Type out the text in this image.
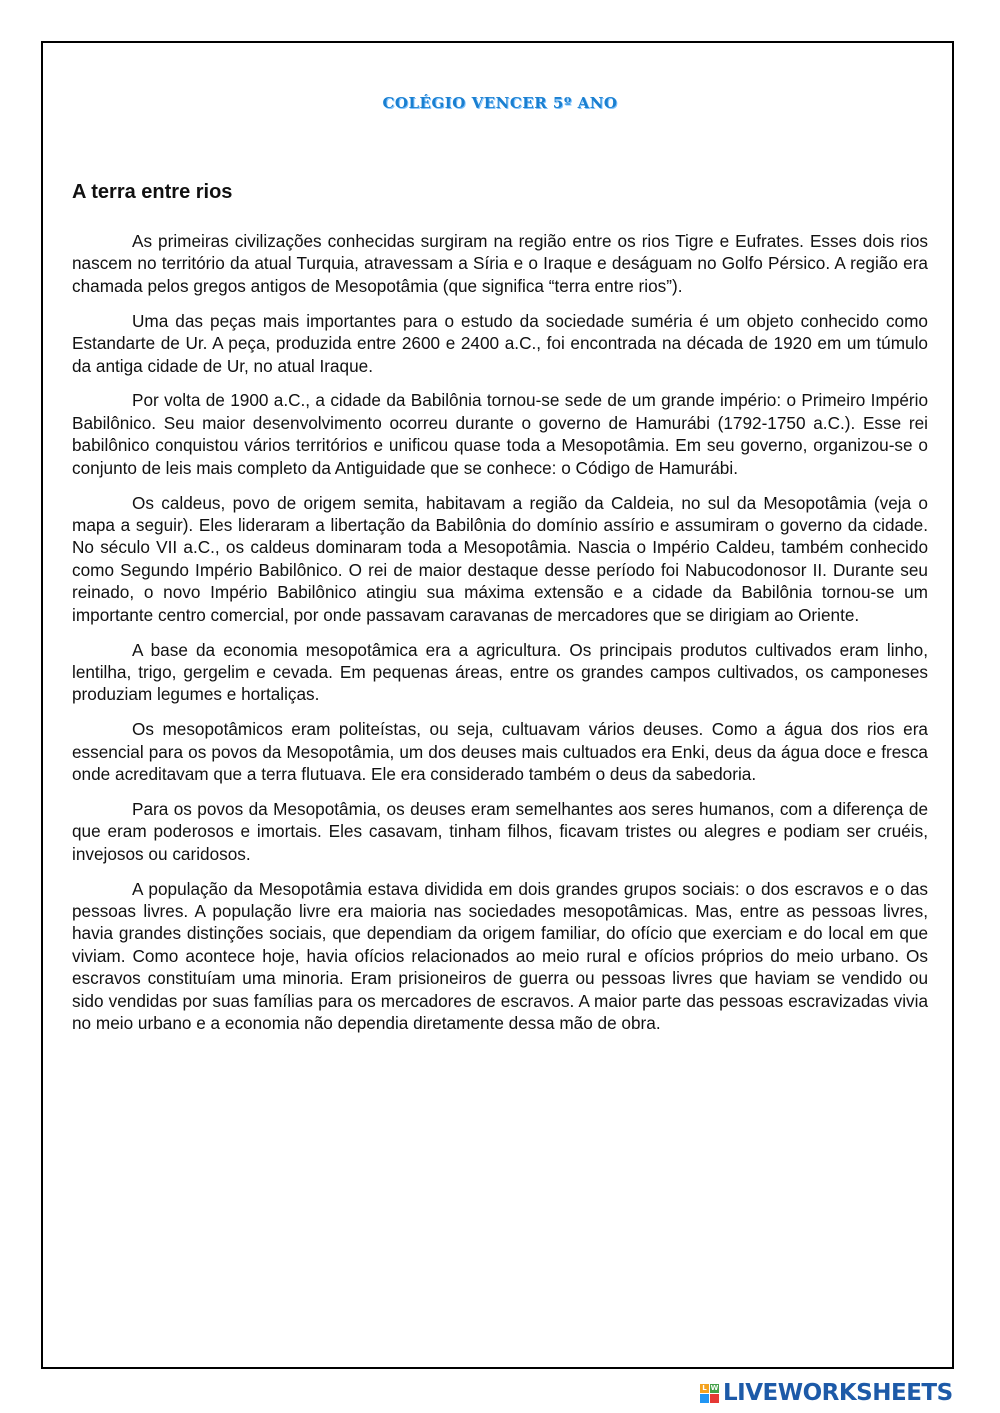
COLÉGIO VENCER 5º ANO
A terra entre rios

As primeiras civilizações conhecidas surgiram na região entre os rios Tigre e Eufrates. Esses dois rios nascem no território da atual Turquia, atravessam a Síria e o Iraque e deságuam no Golfo Pérsico. A região era chamada pelos gregos antigos de Mesopotâmia (que significa “terra entre rios”).

Uma das peças mais importantes para o estudo da sociedade suméria é um objeto conhecido como Estandarte de Ur. A peça, produzida entre 2600 e 2400 a.C., foi encontrada na década de 1920 em um túmulo da antiga cidade de Ur, no atual Iraque.

Por volta de 1900 a.C., a cidade da Babilônia tornou-se sede de um grande império: o Primeiro Império Babilônico. Seu maior desenvolvimento ocorreu durante o governo de Hamurábi (1792-1750 a.C.). Esse rei babilônico conquistou vários territórios e unificou quase toda a Mesopotâmia. Em seu governo, organizou-se o conjunto de leis mais completo da Antiguidade que se conhece: o Código de Hamurábi.

Os caldeus, povo de origem semita, habitavam a região da Caldeia, no sul da Mesopotâmia (veja o mapa a seguir). Eles lideraram a libertação da Babilônia do domínio assírio e assumiram o governo da cidade. No século VII a.C., os caldeus dominaram toda a Mesopotâmia. Nascia o Império Caldeu, também conhecido como Segundo Império Babilônico. O rei de maior destaque desse período foi Nabucodonosor II. Durante seu reinado, o novo Império Babilônico atingiu sua máxima extensão e a cidade da Babilônia tornou-se um importante centro comercial, por onde passavam caravanas de mercadores que se dirigiam ao Oriente.

A base da economia mesopotâmica era a agricultura. Os principais produtos cultivados eram linho, lentilha, trigo, gergelim e cevada. Em pequenas áreas, entre os grandes campos cultivados, os camponeses produziam legumes e hortaliças.

Os mesopotâmicos eram politeístas, ou seja, cultuavam vários deuses. Como a água dos rios era essencial para os povos da Mesopotâmia, um dos deuses mais cultuados era Enki, deus da água doce e fresca onde acreditavam que a terra flutuava. Ele era considerado também o deus da sabedoria.

Para os povos da Mesopotâmia, os deuses eram semelhantes aos seres humanos, com a diferença de que eram poderosos e imortais. Eles casavam, tinham filhos, ficavam tristes ou alegres e podiam ser cruéis, invejosos ou caridosos.

A população da Mesopotâmia estava dividida em dois grandes grupos sociais: o dos escravos e o das pessoas livres. A população livre era maioria nas sociedades mesopotâmicas. Mas, entre as pessoas livres, havia grandes distinções sociais, que dependiam da origem familiar, do ofício que exerciam e do local em que viviam. Como acontece hoje, havia ofícios relacionados ao meio rural e ofícios próprios do meio urbano. Os escravos constituíam uma minoria. Eram prisioneiros de guerra ou pessoas livres que haviam se vendido ou sido vendidas por suas famílias para os mercadores de escravos. A maior parte das pessoas escravizadas vivia no meio urbano e a economia não dependia diretamente dessa mão de obra.

L W LIVEWORKSHEETS
